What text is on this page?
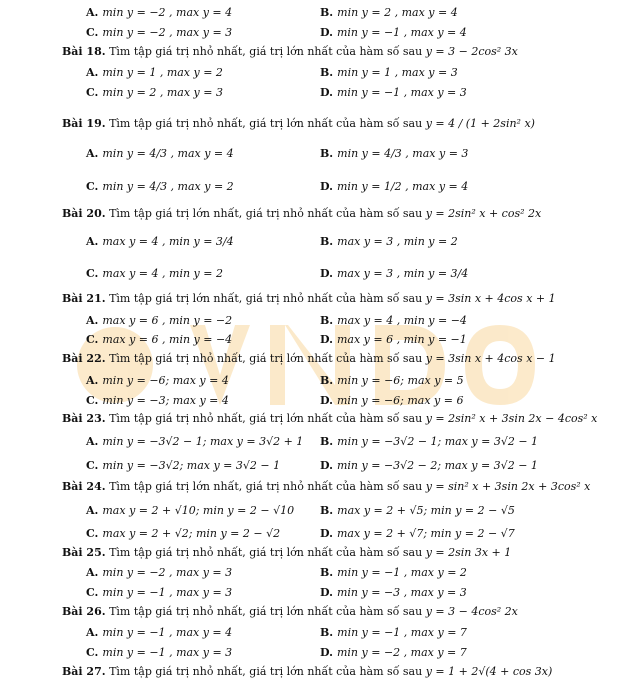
A. min y = −2 , max y = 4	B. min y = 2 , max y = 4
C. min y = −2 , max y = 3	D. min y = −1 , max y = 4
Bài 18. Tìm tập giá trị nhỏ nhất, giá trị lớn nhất của hàm số sau y = 3 − 2cos² 3x
A. min y = 1 , max y = 2	B. min y = 1 , max y = 3
C. min y = 2 , max y = 3	D. min y = −1 , max y = 3
Bài 19. Tìm tập giá trị nhỏ nhất, giá trị lớn nhất của hàm số sau y = 4 / (1 + 2sin² x)
A. min y = 4/3 , max y = 4	B. min y = 4/3 , max y = 3
C. min y = 4/3 , max y = 2	D. min y = 1/2 , max y = 4
Bài 20. Tìm tập giá trị lớn nhất, giá trị nhỏ nhất của hàm số sau y = 2sin² x + cos² 2x
A. max y = 4 , min y = 3/4	B. max y = 3 , min y = 2
C. max y = 4 , min y = 2	D. max y = 3 , min y = 3/4
Bài 21. Tìm tập giá trị lớn nhất, giá trị nhỏ nhất của hàm số sau y = 3sin x + 4cos x + 1
A. max y = 6 , min y = −2	B. max y = 4 , min y = −4
C. max y = 6 , min y = −4	D. max y = 6 , min y = −1
Bài 22. Tìm tập giá trị nhỏ nhất, giá trị lớn nhất của hàm số sau y = 3sin x + 4cos x − 1
A. min y = −6; max y = 4	B. min y = −6; max y = 5
C. min y = −3; max y = 4	D. min y = −6; max y = 6
Bài 23. Tìm tập giá trị nhỏ nhất, giá trị lớn nhất của hàm số sau y = 2sin² x + 3sin 2x − 4cos² x
A. min y = −3√2 − 1; max y = 3√2 + 1 B. min y = −3√2 − 1; max y = 3√2 − 1
C. min y = −3√2; max y = 3√2 − 1	D. min y = −3√2 − 2; max y = 3√2 − 1
Bài 24. Tìm tập giá trị lớn nhất, giá trị nhỏ nhất của hàm số sau y = sin² x + 3sin 2x + 3cos² x
A. max y = 2 + √10; min y = 2 − √10 B. max y = 2 + √5; min y = 2 − √5
C. max y = 2 + √2; min y = 2 − √2	D. max y = 2 + √7; min y = 2 − √7
Bài 25. Tìm tập giá trị nhỏ nhất, giá trị lớn nhất của hàm số sau y = 2sin 3x + 1
A. min y = −2 , max y = 3	B. min y = −1 , max y = 2
C. min y = −1 , max y = 3	D. min y = −3 , max y = 3
Bài 26. Tìm tập giá trị nhỏ nhất, giá trị lớn nhất của hàm số sau y = 3 − 4cos² 2x
A. min y = −1 , max y = 4	B. min y = −1 , max y = 7
C. min y = −1 , max y = 3	D. min y = −2 , max y = 7
Bài 27. Tìm tập giá trị nhỏ nhất, giá trị lớn nhất của hàm số sau y = 1 + 2√(4 + cos 3x)
